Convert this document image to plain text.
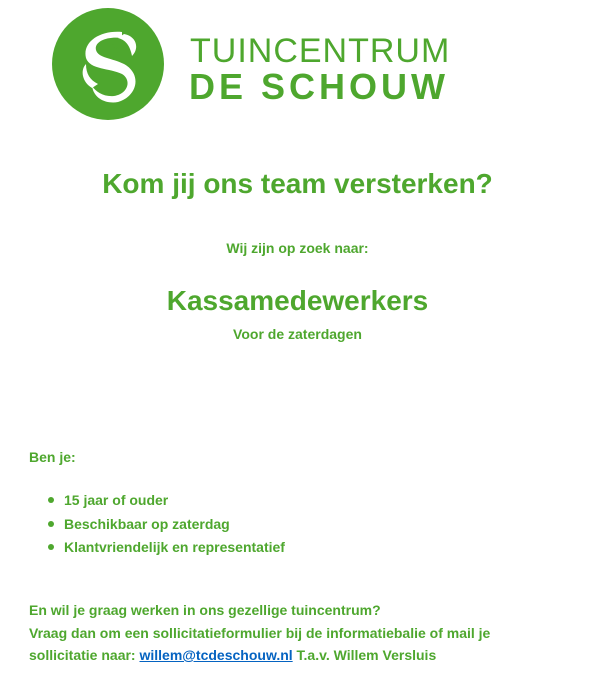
TUINCENTRUM
DE SCHOUW
Kom jij ons team versterken?
Wij zijn op zoek naar:
Kassamedewerkers
Voor de zaterdagen
Ben je:
15 jaar of ouder
Beschikbaar op zaterdag
Klantvriendelijk en representatief
En wil je graag werken in ons gezellige tuincentrum?
Vraag dan om een sollicitatieformulier bij de informatiebalie of mail je
sollicitatie naar: willem@tcdeschouw.nl T.a.v. Willem Versluis
